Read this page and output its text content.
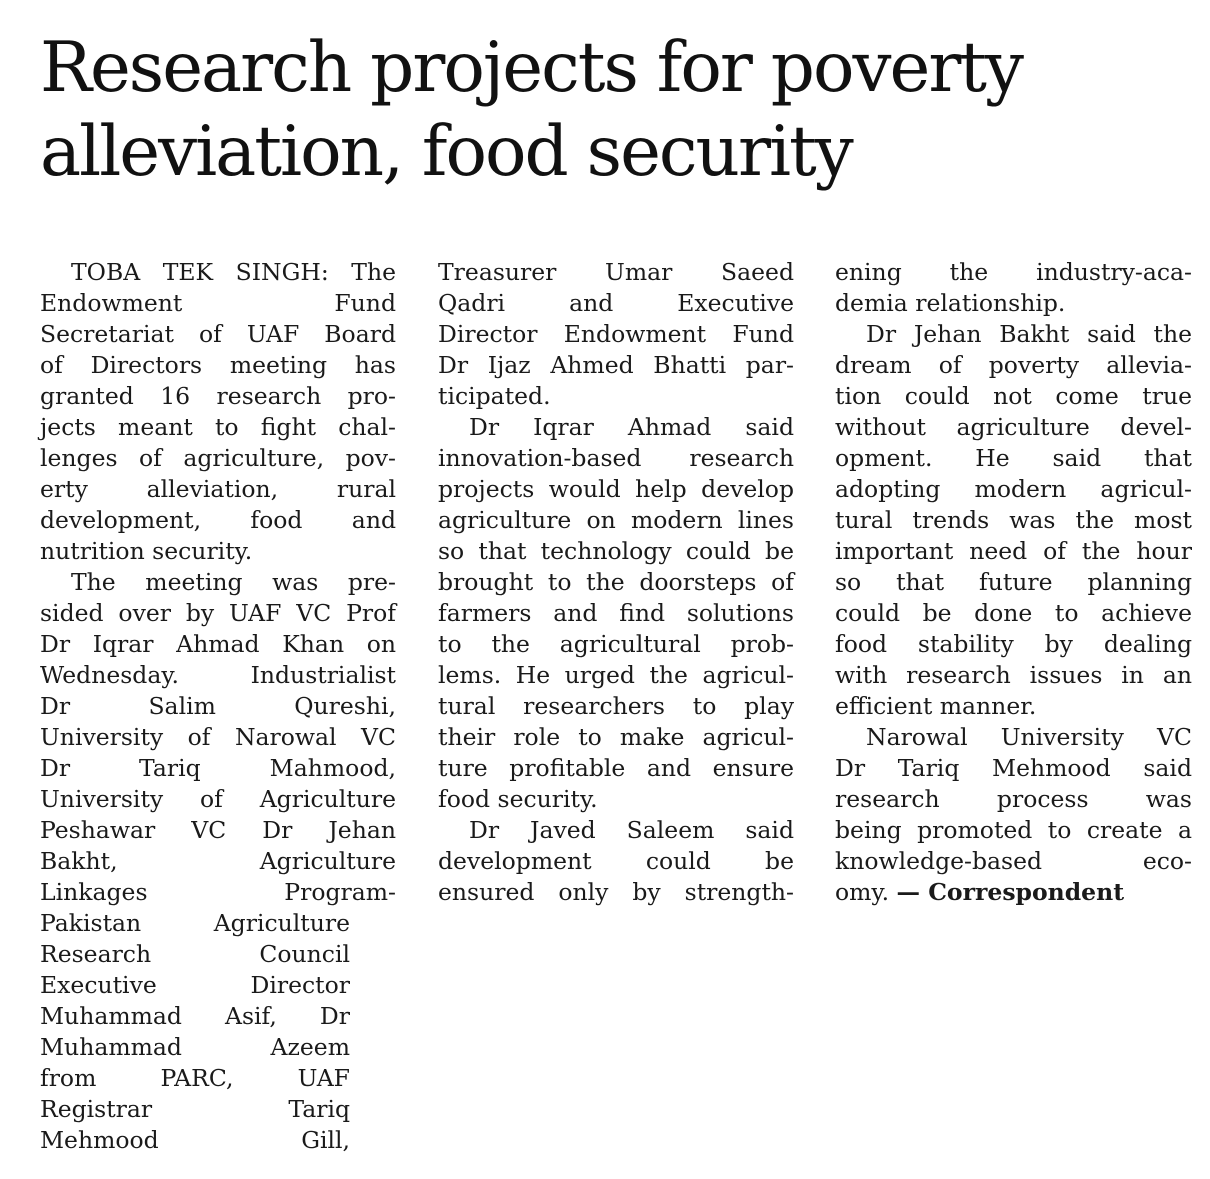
Research projects for poverty
alleviation, food security

TOBA TEK SINGH: The
Endowment Fund
Secretariat of UAF Board
of Directors meeting has
granted 16 research pro-
jects meant to fight chal-
lenges of agriculture, pov-
erty alleviation, rural
development, food and
nutrition security.

The meeting was pre-
sided over by UAF VC Prof
Dr Iqrar Ahmad Khan on
Wednesday. Industrialist
Dr Salim Qureshi,
University of Narowal VC
Dr Tariq Mahmood,
University of Agriculture
Peshawar VC Dr Jehan
Bakht, Agriculture
Linkages Program-
Pakistan Agriculture
Research Council
Executive Director
Muhammad Asif, Dr
Muhammad Azeem
from PARC, UAF
Registrar Tariq
Mehmood Gill,

Treasurer Umar Saeed
Qadri and Executive
Director Endowment Fund
Dr Ijaz Ahmed Bhatti par-
ticipated.

Dr Iqrar Ahmad said
innovation-based research
projects would help develop
agriculture on modern lines
so that technology could be
brought to the doorsteps of
farmers and find solutions
to the agricultural prob-
lems. He urged the agricul-
tural researchers to play
their role to make agricul-
ture profitable and ensure
food security.

Dr Javed Saleem said
development could be
ensured only by strength-

ening the industry-aca-
demia relationship.

Dr Jehan Bakht said the
dream of poverty allevia-
tion could not come true
without agriculture devel-
opment. He said that
adopting modern agricul-
tural trends was the most
important need of the hour
so that future planning
could be done to achieve
food stability by dealing
with research issues in an
efficient manner.

Narowal University VC
Dr Tariq Mehmood said
research process was
being promoted to create a
knowledge-based eco-
omy. — Correspondent
